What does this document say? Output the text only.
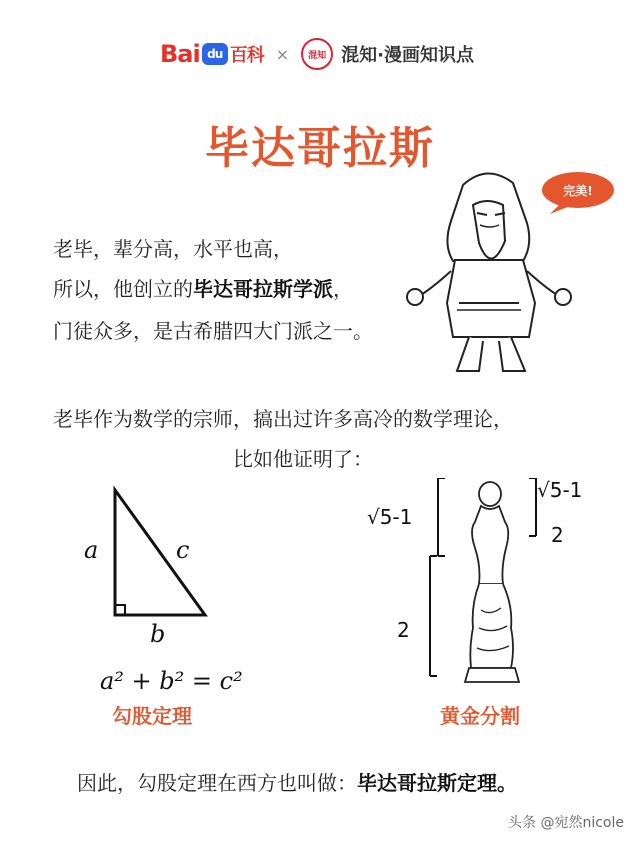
Bai du 百科 ×	混知 混知·漫画知识点
毕达哥拉斯
老毕，辈分高，水平也高，
所以，他创立的毕达哥拉斯学派，
门徒众多，是古希腊四大门派之一。
完美!
老毕作为数学的宗师，搞出过许多高冷的数学理论，
比如他证明了：
a	c
b
a² + b² = c²
勾股定理
√5-1
√5-1
2
2
黄金分割
因此，勾股定理在西方也叫做：毕达哥拉斯定理。
头条 @宛然nicole
